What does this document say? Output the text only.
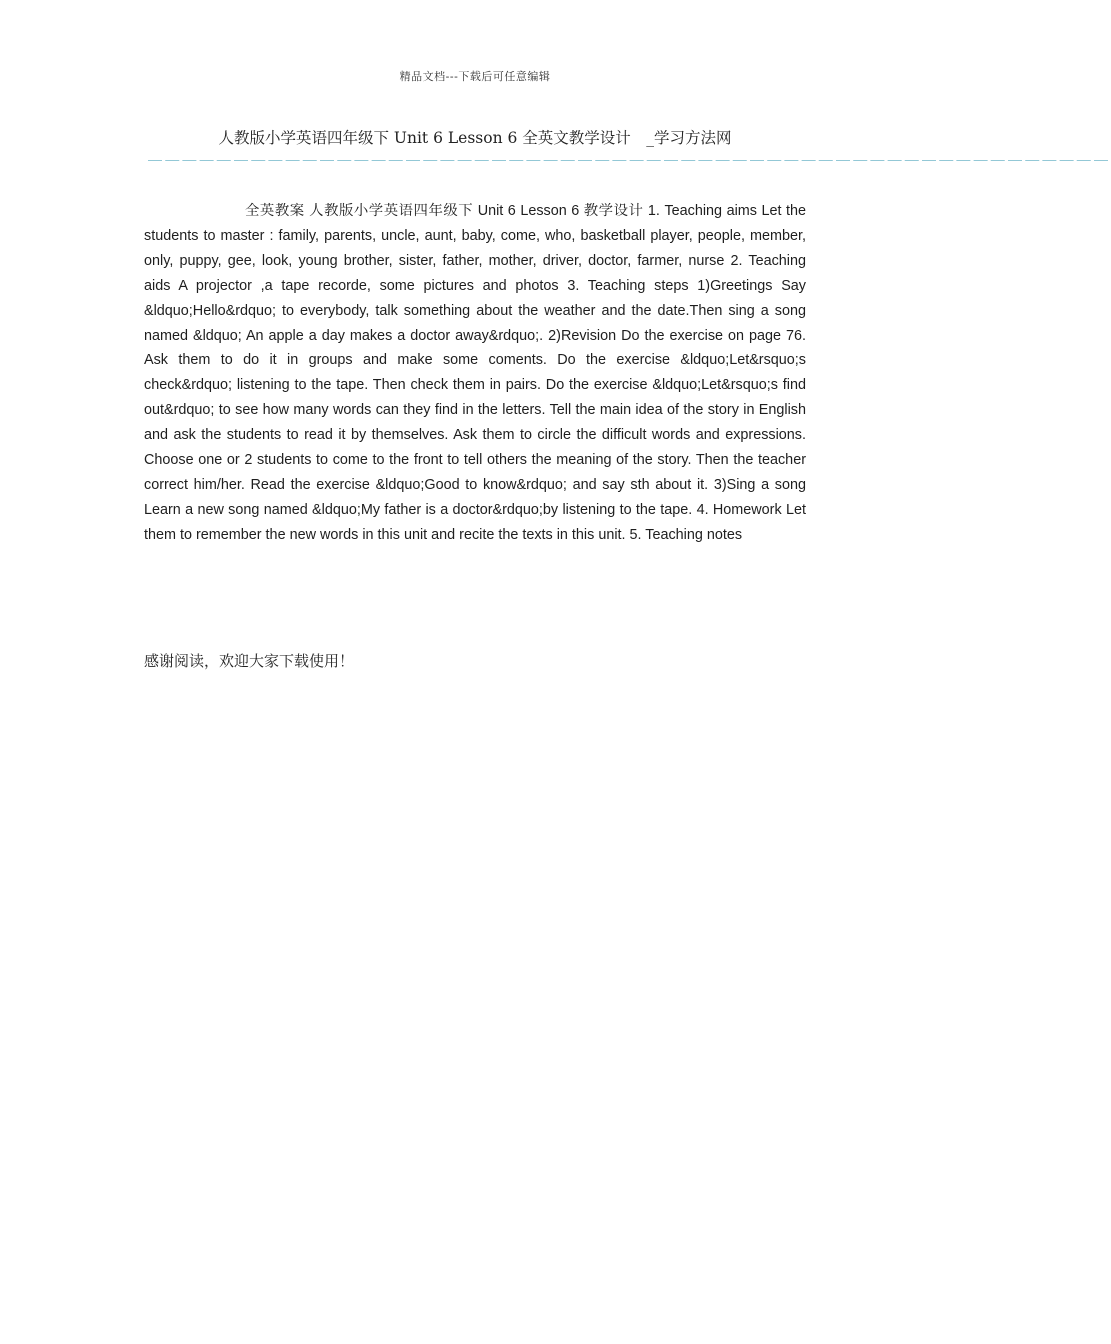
精品文档---下载后可任意编辑
人教版小学英语四年级下 Unit 6 Lesson 6 全英文教学设计　_学习方法网
————————————————————————————————————————————————————————

全英教案 人教版小学英语四年级下 Unit 6 Lesson 6 教学设计 1. Teaching aims Let the students to master : family, parents, uncle, aunt, baby, come, who, basketball player, people, member, only, puppy, gee, look, young brother, sister, father, mother, driver, doctor, farmer, nurse 2. Teaching aids A projector ,a tape recorde, some pictures and photos 3. Teaching steps 1)Greetings Say &ldquo;Hello&rdquo; to everybody, talk something about the weather and the date.Then sing a song named &ldquo; An apple a day makes a doctor away&rdquo;. 2)Revision Do the exercise on page 76. Ask them to do it in groups and make some coments. Do the exercise &ldquo;Let&rsquo;s check&rdquo; listening to the tape. Then check them in pairs. Do the exercise &ldquo;Let&rsquo;s find out&rdquo; to see how many words can they find in the letters. Tell the main idea of the story in English and ask the students to read it by themselves. Ask them to circle the difficult words and expressions. Choose one or 2 students to come to the front to tell others the meaning of the story. Then the teacher correct him/her. Read the exercise &ldquo;Good to know&rdquo; and say sth about it. 3)Sing a song Learn a new song named &ldquo;My father is a doctor&rdquo;by listening to the tape. 4. Homework Let them to remember the new words in this unit and recite the texts in this unit. 5. Teaching notes

感谢阅读，欢迎大家下载使用！
